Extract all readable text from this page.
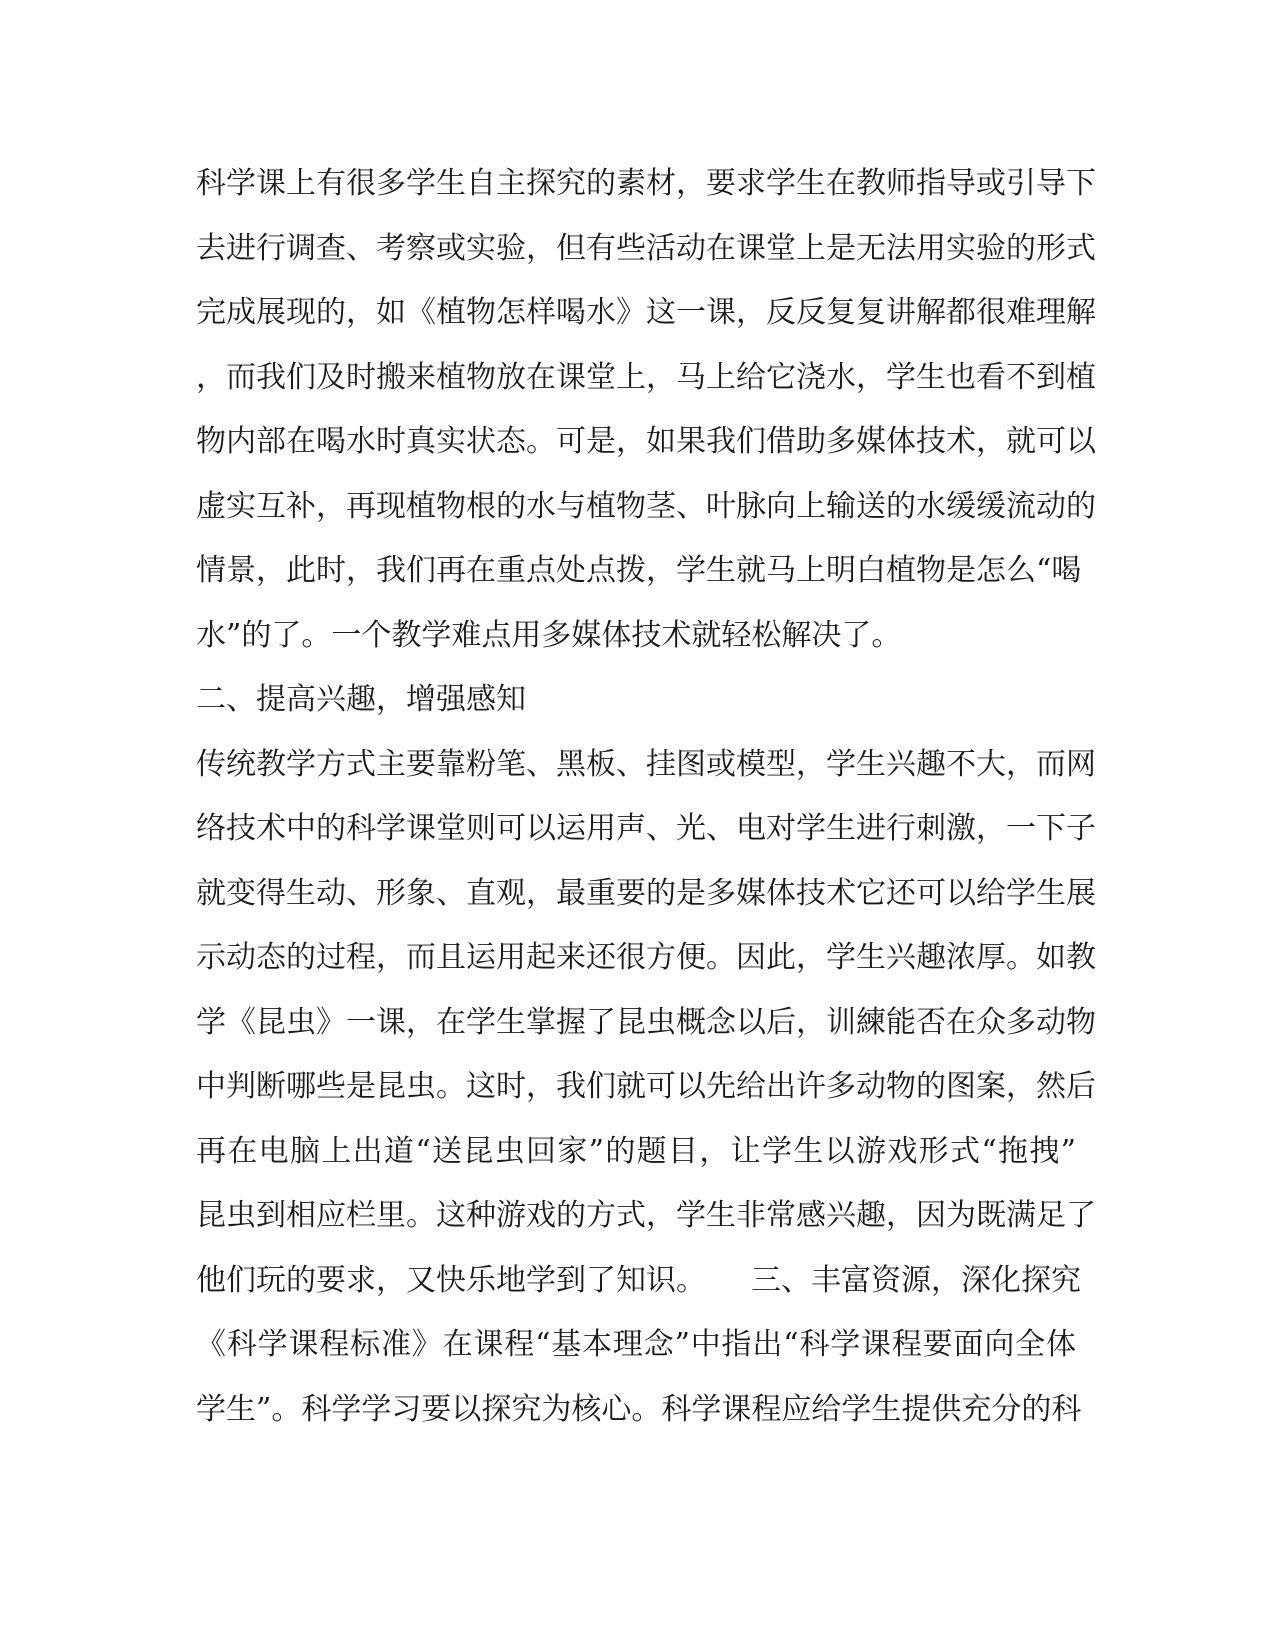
科学课上有很多学生自主探究的素材，要求学生在教师指导或引导下
去进行调查、考察或实验，但有些活动在课堂上是无法用实验的形式
完成展现的，如《植物怎样喝水》这一课，反反复复讲解都很难理解
，而我们及时搬来植物放在课堂上，马上给它浇水，学生也看不到植
物内部在喝水时真实状态。可是，如果我们借助多媒体技术，就可以
虚实互补，再现植物根的水与植物茎、叶脉向上输送的水缓缓流动的
情景，此时，我们再在重点处点拨，学生就马上明白植物是怎么“喝
水”的了。一个教学难点用多媒体技术就轻松解决了。
二、提高兴趣，增强感知
传统教学方式主要靠粉笔、黑板、挂图或模型，学生兴趣不大，而网
络技术中的科学课堂则可以运用声、光、电对学生进行刺激，一下子
就变得生动、形象、直观，最重要的是多媒体技术它还可以给学生展
示动态的过程，而且运用起来还很方便。因此，学生兴趣浓厚。如教
学《昆虫》一课，在学生掌握了昆虫概念以后，训練能否在众多动物
中判断哪些是昆虫。这时，我们就可以先给出许多动物的图案，然后
再在电脑上出道“送昆虫回家”的题目，让学生以游戏形式“拖拽”
昆虫到相应栏里。这种游戏的方式，学生非常感兴趣，因为既满足了
他们玩的要求，又快乐地学到了知识。　　三、丰富资源，深化探究
《科学课程标准》在课程“基本理念”中指出“科学课程要面向全体
学生”。科学学习要以探究为核心。科学课程应给学生提供充分的科
